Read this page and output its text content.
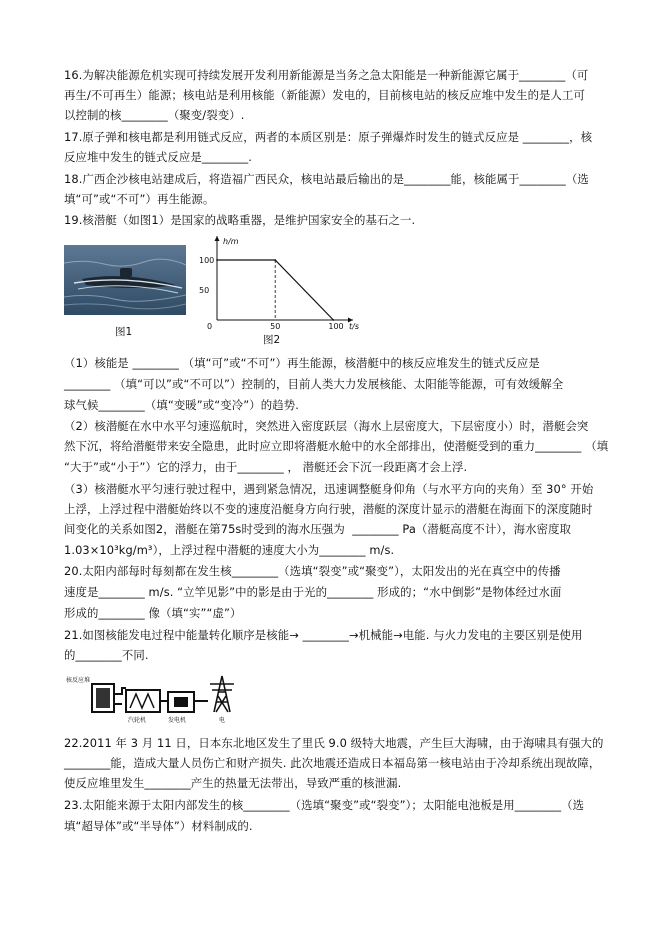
16.为解决能源危机实现可持续发展开发利用新能源是当务之急太阳能是一种新能源它属于________（可
再生/不可再生）能源；核电站是利用核能（新能源）发电的，目前核电站的核反应堆中发生的是人工可
以控制的核________（聚变/裂变）.
17.原子弹和核电都是利用链式反应，两者的本质区别是：原子弹爆炸时发生的链式反应是 ________，核
反应堆中发生的链式反应是________.
18.广西企沙核电站建成后，将造福广西民众，核电站最后输出的是________能，核能属于________（选
填“可”或“不可”）再生能源。
19.核潜艇（如图1）是国家的战略重器，是维护国家安全的基石之一.
图1	t/s
h/m
0	50	100
50
100
图2
（1）核能是 ________ （填“可”或“不可”）再生能源，核潜艇中的核反应堆发生的链式反应是
________ （填“可以”或“不可以”）控制的，目前人类大力发展核能、太阳能等能源，可有效缓解全
球气候________（填“变暖”或“变冷”）的趋势.
（2）核潜艇在水中水平匀速巡航时，突然进入密度跃层（海水上层密度大，下层密度小）时，潜艇会突
然下沉，将给潜艇带来安全隐患，此时应立即将潜艇水舱中的水全部排出，使潜艇受到的重力________ （填
“大于”或“小于”）它的浮力，由于________ ， 潜艇还会下沉一段距离才会上浮.
（3）核潜艇水平匀速行驶过程中，遇到紧急情况，迅速调整艇身仰角（与水平方向的夹角）至 30° 开始
上浮，上浮过程中潜艇始终以不变的速度沿艇身方向行驶，潜艇的深度计显示的潜艇在海面下的深度随时
间变化的关系如图2，潜艇在第75s时受到的海水压强为  ________ Pa（潜艇高度不计），海水密度取
1.03×10³kg/m³），上浮过程中潜艇的速度大小为________ m/s.
20.太阳内部每时每刻都在发生核________（选填“裂变”或“聚变”），太阳发出的光在真空中的传播
速度是________ m/s. “立竿见影”中的影是由于光的________ 形成的；“水中倒影”是物体经过水面
形成的________ 像（填“实”“虚”）
21.如图核能发电过程中能量转化顺序是核能→ ________→机械能→电能. 与火力发电的主要区别是使用
的________不同.
核反应堆
汽轮机	发电机	电
22.2011 年 3 月 11 日，日本东北地区发生了里氏 9.0 级特大地震，产生巨大海啸，由于海啸具有强大的
________能，造成大量人员伤亡和财产损失. 此次地震还造成日本福岛第一核电站由于冷却系统出现故障，
使反应堆里发生________产生的热量无法带出，导致严重的核泄漏.
23.太阳能来源于太阳内部发生的核________（选填“聚变”或“裂变”）；太阳能电池板是用________（选
填“超导体”或“半导体”）材料制成的.
